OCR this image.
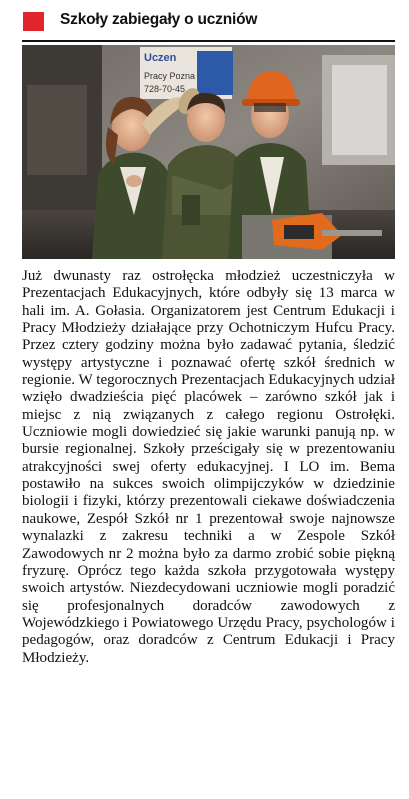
Szkoły zabiegały o uczniów
Uczen
Pracy Pozna
728-70-45

Już dwunasty raz ostrołęcka młodzież uczestniczyła w Prezentacjach Edukacyjnych, które odbyły się 13 marca w hali im. A. Gołasia. Organizatorem jest Centrum Edukacji i Pracy Młodzieży działające przy Ochotniczym Hufcu Pracy. Przez cztery godziny można było zadawać pytania, śledzić występy artystyczne i poznawać ofertę szkół średnich w regionie. W tegorocznych Prezentacjach Edukacyjnych udział wzięło dwadzieścia pięć placówek – zarówno szkół jak i miejsc z nią związanych z całego regionu Ostrołęki. Uczniowie mogli dowiedzieć się jakie warunki panują np. w bursie regionalnej. Szkoły prześcigały się w prezentowaniu atrakcyjności swej oferty edukacyjnej. I LO im. Bema postawiło na sukces swoich olimpijczyków w dziedzinie biologii i fizyki, którzy prezentowali ciekawe doświadczenia naukowe, Zespół Szkół nr 1 prezentował swoje najnowsze wynalazki z zakresu techniki a w Zespole Szkół Zawodowych nr 2 można było za darmo zrobić sobie piękną fryzurę. Oprócz tego każda szkoła przygotowała występy swoich artystów. Niezdecydowani uczniowie mogli poradzić się profesjonalnych doradców zawodowych z Wojewódzkiego i Powiatowego Urzędu Pracy, psychologów i pedagogów, oraz doradców z Centrum Edukacji i Pracy Młodzieży.
